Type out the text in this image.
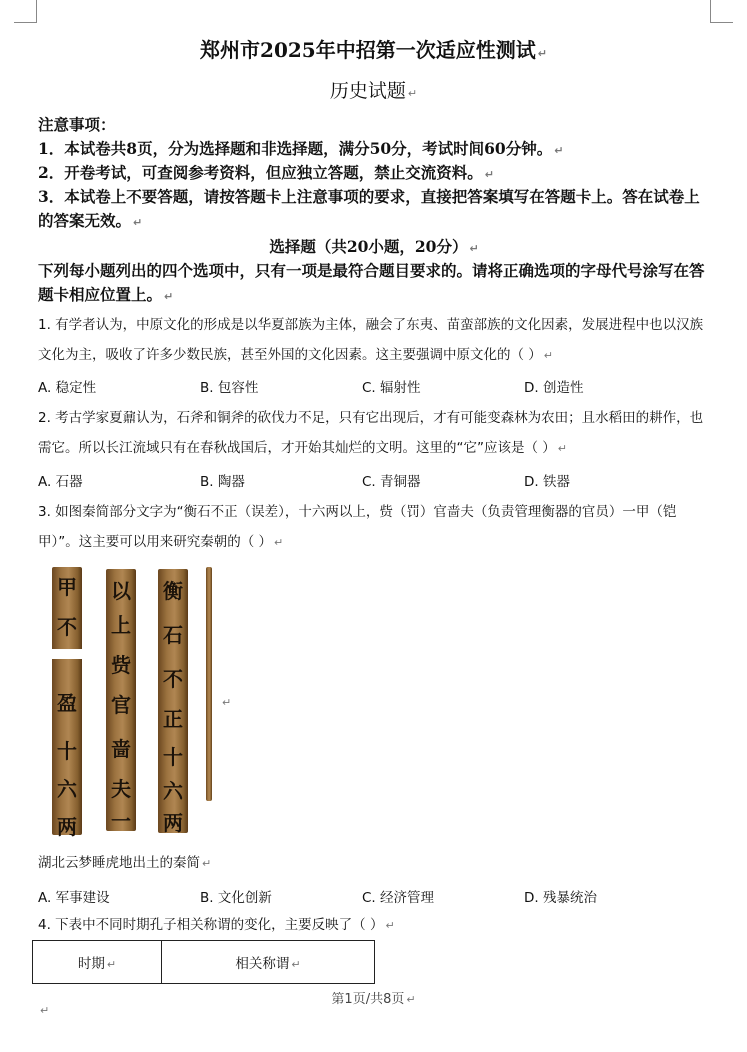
郑州市2025年中招第一次适应性测试 ↵
历史试题 ↵
注意事项：
1．本试卷共8页，分为选择题和非选择题，满分50分，考试时间60分钟。 ↵
2．开卷考试，可查阅参考资料，但应独立答题，禁止交流资料。 ↵
3．本试卷上不要答题，请按答题卡上注意事项的要求，直接把答案填写在答题卡上。答在试卷上的答案无效。 ↵
选择题（共20小题，20分） ↵
下列每小题列出的四个选项中，只有一项是最符合题目要求的。请将正确选项的字母代号涂写在答题卡相应位置上。 ↵
1. 有学者认为，中原文化的形成是以华夏部族为主体，融会了东夷、苗蛮部族的文化因素，发展进程中也以汉族文化为主，吸收了许多少数民族，甚至外国的文化因素。这主要强调中原文化的（ ） ↵
A. 稳定性	B. 包容性	C. 辐射性	D. 创造性
2. 考古学家夏鼐认为，石斧和铜斧的砍伐力不足，只有它出现后，才有可能变森林为农田；且水稻田的耕作，也需它。所以长江流域只有在春秋战国后，才开始其灿烂的文明。这里的“它”应该是（ ） ↵
A. 石器	B. 陶器	C. 青铜器	D. 铁器
3. 如图秦简部分文字为“衡石不正（误差），十六两以上，赀（罚）官啬夫（负责管理衡器的官员）一甲（铠甲）”。这主要可以用来研究秦朝的（ ） ↵
甲
不
盈
十
六
两
以
上
赀
官
啬
夫
一
衡
石
不
正
十
六
两
↵
湖北云梦睡虎地出土的秦简 ↵
A. 军事建设	B. 文化创新	C. 经济管理	D. 残暴统治
4. 下表中不同时期孔子相关称谓的变化，主要反映了（ ） ↵
时期 ↵	相关称谓 ↵
第1页/共8页 ↵
↵
